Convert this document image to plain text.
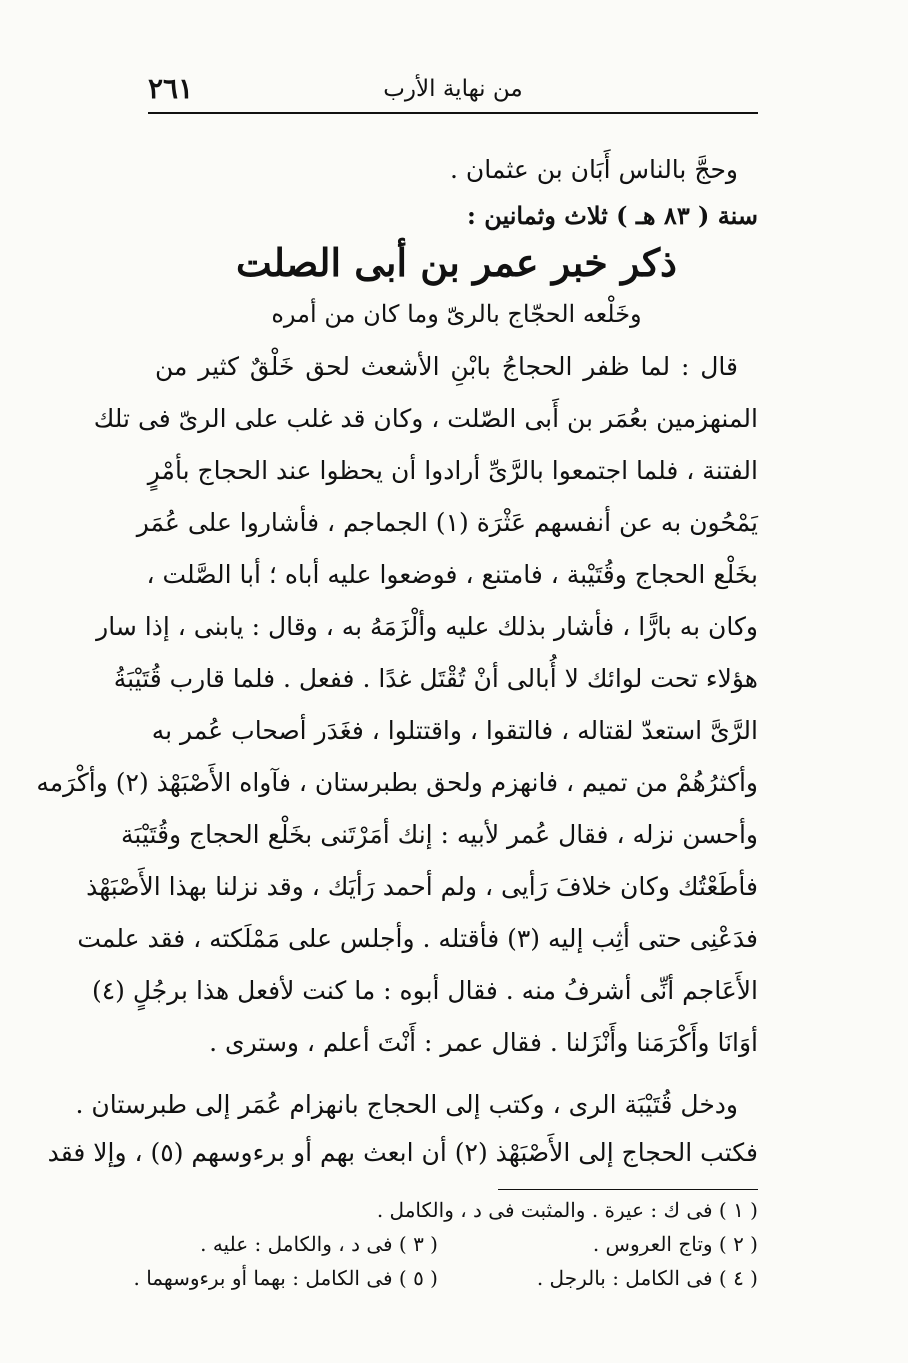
من نهاية الأرب
٢٦١
وحجَّ بالناس أَبَان بن عثمان .
سنة ( ٨٣ هـ ) ثلاث وثمانين :
ذكر خبر عمر بن أبى الصلت
وخَلْعه الحجّاج بالرىّ وما كان من أمره
قال : لما ظفر الحجاجُ بابْنِ الأشعث لحق خَلْقٌ كثير من
المنهزمين بعُمَر بن أَبى الصّلت ، وكان قد غلب على الرىّ فى تلك
الفتنة ، فلما اجتمعوا بالرَّىِّ أرادوا أن يحظوا عند الحجاج بأمْرٍ
يَمْحُون به عن أنفسهم عَثْرَة (١) الجماجم ، فأشاروا على عُمَر
بخَلْع الحجاج وقُتَيْبة ، فامتنع ، فوضعوا عليه أباه ؛ أبا الصَّلت ،
وكان به بارًّا ، فأشار بذلك عليه وألْزَمَهُ به ، وقال : يابنى ، إذا سار
هؤلاء تحت لوائك لا أُبالى أنْ تُقْتَل غدًا . ففعل . فلما قارب قُتَيْبَةُ
الرَّىَّ استعدّ لقتاله ، فالتقوا ، واقتتلوا ، فغَدَر أصحاب عُمر به
وأكثرُهُمْ من تميم ، فانهزم ولحق بطبرستان ، فآواه الأَصْبَهْذ (٢) وأكْرَمه
وأحسن نزله ، فقال عُمر لأبيه : إنك أمَرْتَنى بخَلْع الحجاج وقُتَيْبَة
فأطَعْتُك وكان خلافَ رَأيى ، ولم أحمد رَأيَك ، وقد نزلنا بهذا الأَصْبَهْذ
فدَعْنِى حتى أثِب إليه (٣) فأقتله . وأجلس على مَمْلَكته ، فقد علمت
الأَعَاجم أنِّى أشرفُ منه . فقال أبوه : ما كنت لأفعل هذا برجُلٍ (٤)
أوَانَا وأَكْرَمَنا وأَنْزَلنا . فقال عمر : أَنْتَ أعلم ، وسترى .
ودخل قُتَيْبَة الرى ، وكتب إلى الحجاج بانهزام عُمَر إلى طبرستان .
فكتب الحجاج إلى الأَصْبَهْذ (٢) أن ابعث بهم أو برءوسهم (٥) ، وإلا فقد
( ١ ) فى ك : عيرة . والمثبت فى د ، والكامل .
( ٢ ) وتاج العروس .
( ٣ ) فى د ، والكامل : عليه .
( ٤ ) فى الكامل : بالرجل .
( ٥ ) فى الكامل : بهما أو برءوسهما .
